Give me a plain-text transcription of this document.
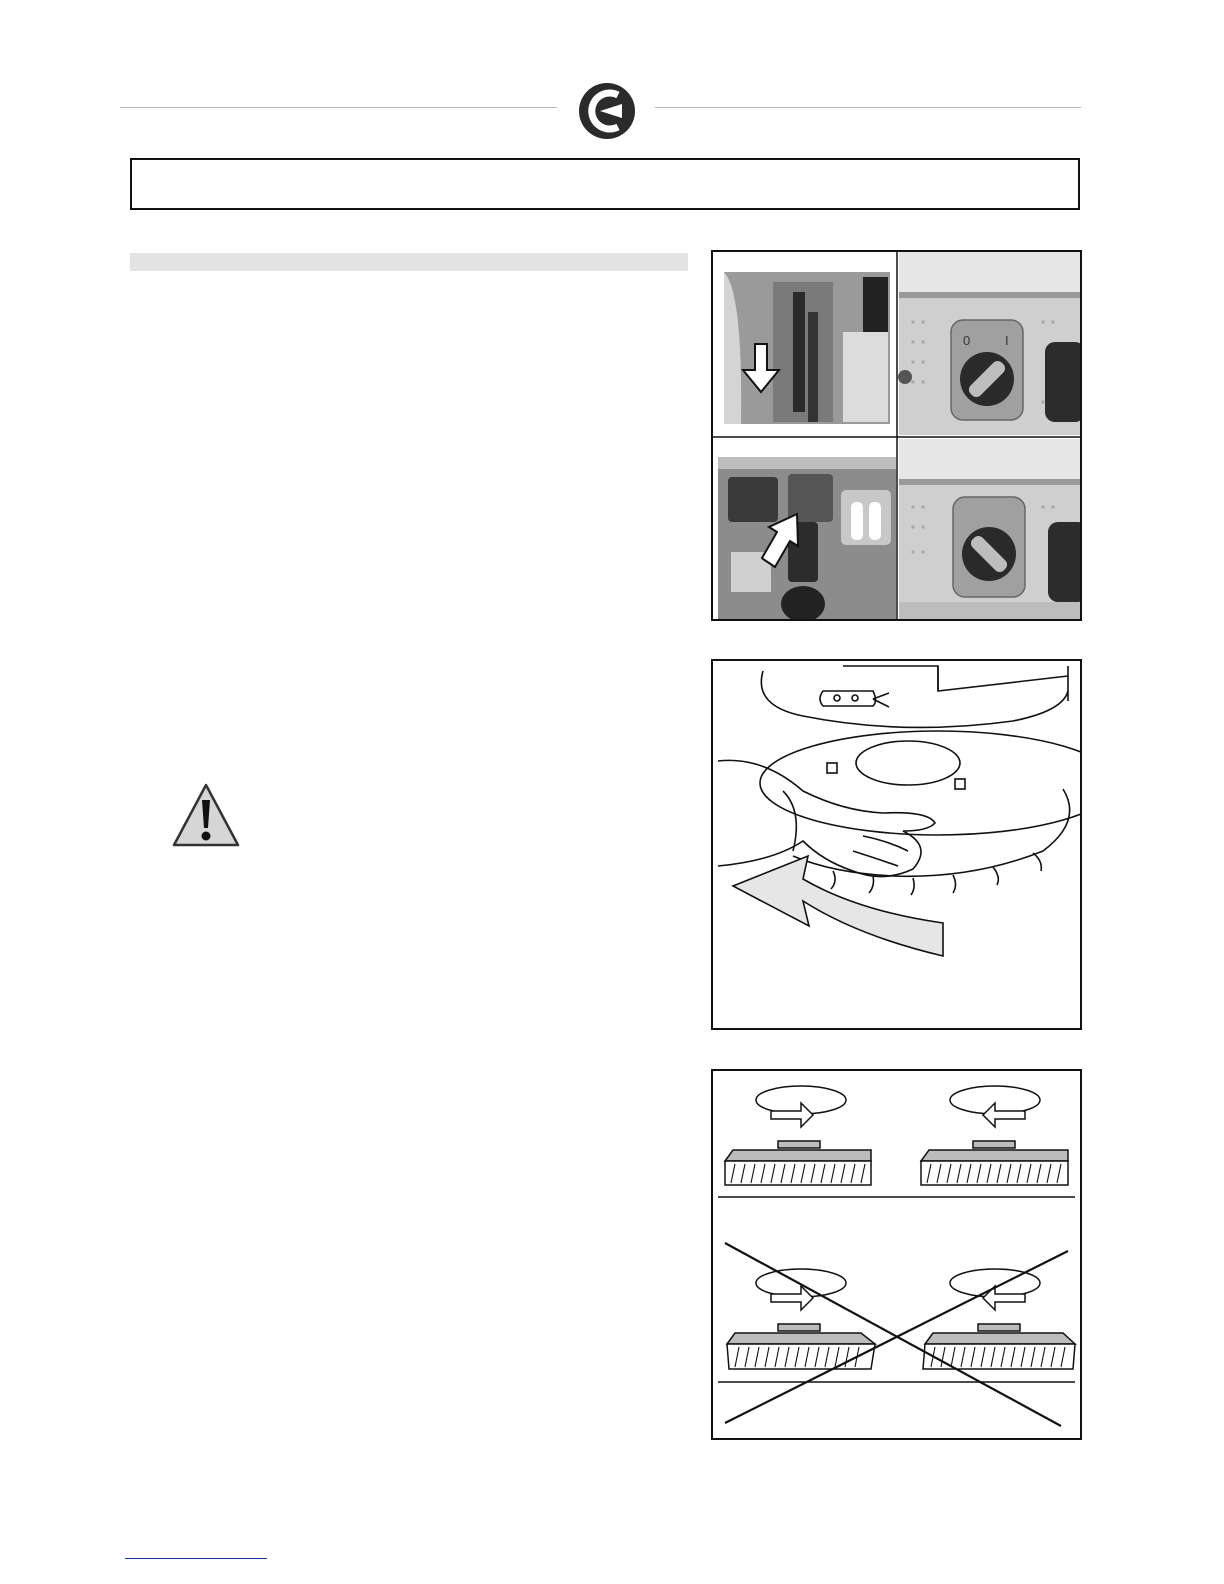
0	I
